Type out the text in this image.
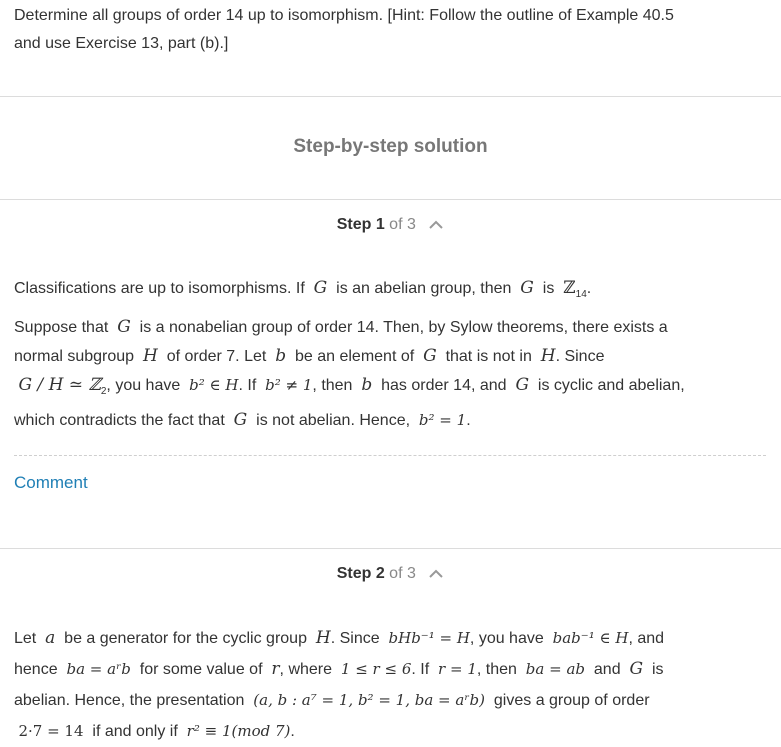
Determine all groups of order 14 up to isomorphism. [Hint: Follow the outline of Example 40.5
and use Exercise 13, part (b).]
Step-by-step solution
Step 1 of 3
Classifications are up to isomorphisms. If G is an abelian group, then G is ℤ$_{14}$.
Suppose that G is a nonabelian group of order 14. Then, by Sylow theorems, there exists a
normal subgroup H of order 7. Let b be an element of G that is not in H. Since
G / H ≃ ℤ$_2$, you have b² ∈ H. If b² ≠ 1, then b has order 14, and G is cyclic and abelian,
which contradicts the fact that G is not abelian. Hence, b² = 1.
Comment
Step 2 of 3
Let a be a generator for the cyclic group H. Since bHb⁻¹ = H, you have bab⁻¹ ∈ H, and
hence ba = aʳb for some value of r, where 1 ≤ r ≤ 6. If r = 1, then ba = ab and G is
abelian. Hence, the presentation (a, b : a⁷ = 1, b² = 1, ba = aʳb) gives a group of order
2·7 = 14 if and only if r² ≡ 1(mod 7).
